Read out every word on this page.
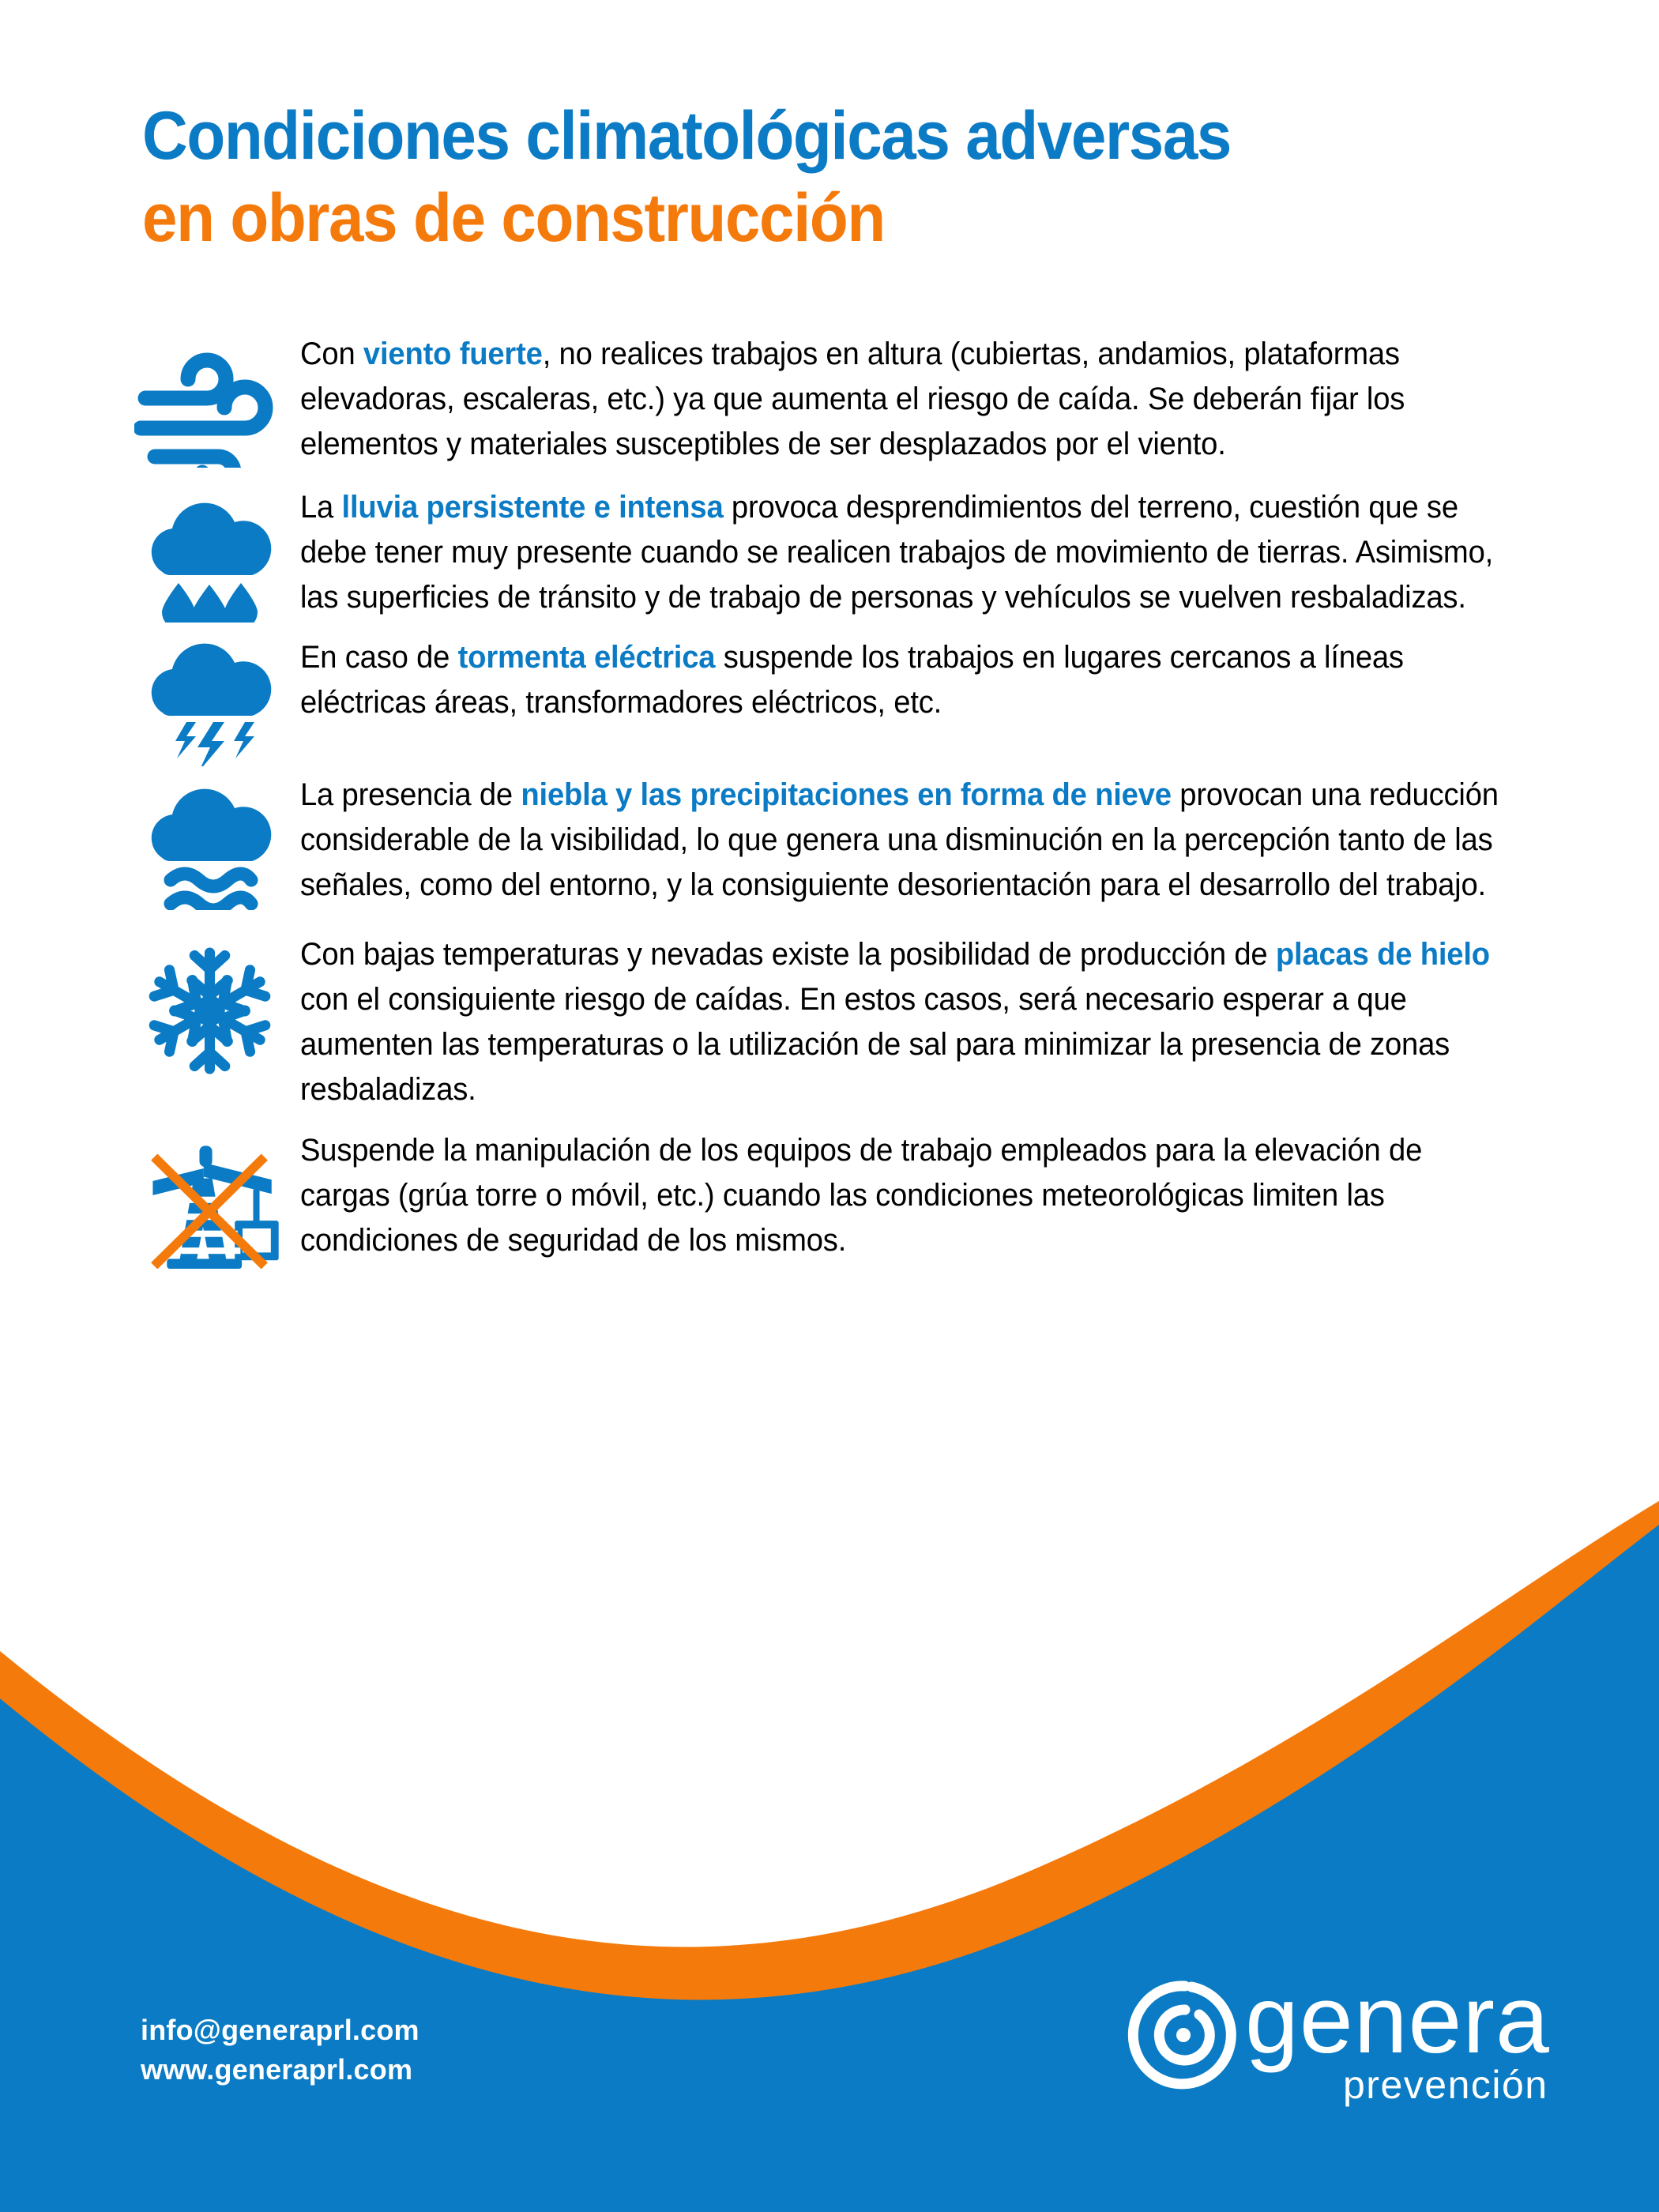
Condiciones climatológicas adversas
en obras de construcción
Con viento fuerte, no realices trabajos en altura (cubiertas, andamios, plataformas elevadoras, escaleras, etc.) ya que aumenta el riesgo de caída. Se deberán fijar los elementos y materiales susceptibles de ser desplazados por el viento.
La lluvia persistente e intensa provoca desprendimientos del terreno, cuestión que se debe tener muy presente cuando se realicen trabajos de movimiento de tierras. Asimismo, las superficies de tránsito y de trabajo de personas y vehículos se vuelven resbaladizas.
En caso de tormenta eléctrica suspende los trabajos en lugares cercanos a líneas eléctricas áreas, transformadores eléctricos, etc.
La presencia de niebla y las precipitaciones en forma de nieve provocan una reducción considerable de la visibilidad, lo que genera una disminución en la percepción tanto de las señales, como del entorno, y la consiguiente desorientación para el desarrollo del trabajo.
Con bajas temperaturas y nevadas existe la posibilidad de producción de placas de hielo con el consiguiente riesgo de caídas. En estos casos, será necesario esperar a que aumenten las temperaturas o la utilización de sal para minimizar la presencia de zonas resbaladizas.
Suspende la manipulación de los equipos de trabajo empleados para la elevación de cargas (grúa torre o móvil, etc.) cuando las condiciones meteorológicas limiten las condiciones de seguridad de los mismos.
info@generaprl.com
www.generaprl.com	genera
prevención
